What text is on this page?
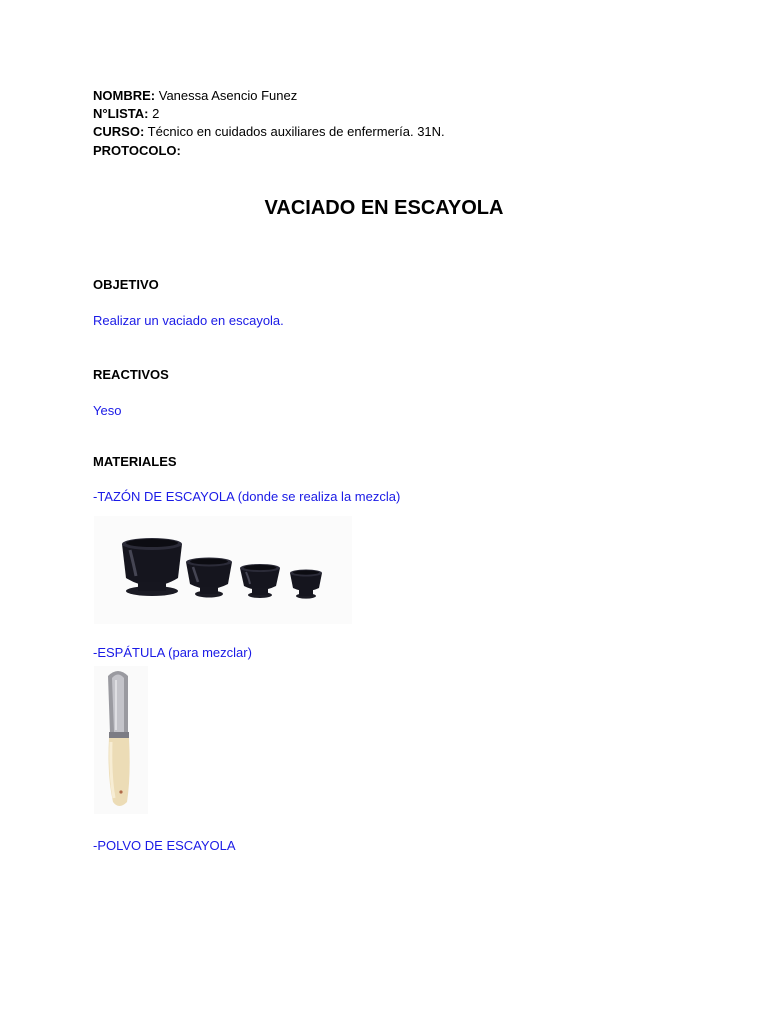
NOMBRE: Vanessa Asencio Funez
N°LISTA: 2
CURSO: Técnico en cuidados auxiliares de enfermería. 31N.
PROTOCOLO:
VACIADO EN ESCAYOLA
OBJETIVO
Realizar un vaciado en escayola.
REACTIVOS
Yeso
MATERIALES
-TAZÓN DE ESCAYOLA (donde se realiza la mezcla)
-ESPÁTULA (para mezclar)
-POLVO DE ESCAYOLA
